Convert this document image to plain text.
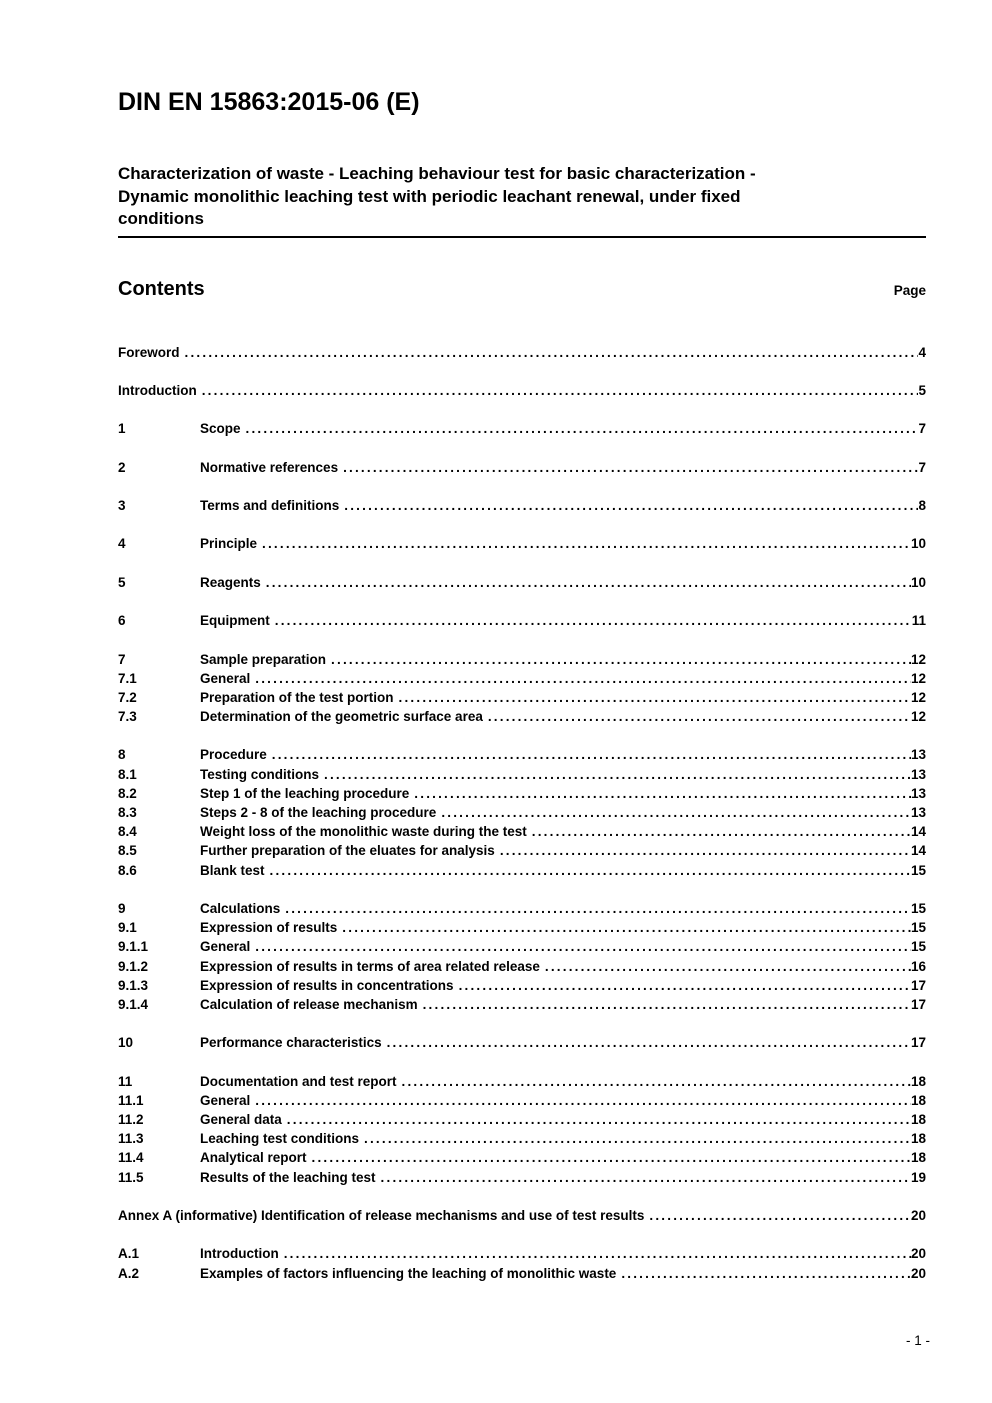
DIN EN 15863:2015-06 (E)
Characterization of waste - Leaching behaviour test for basic characterization -
Dynamic monolithic leaching test with periodic leachant renewal, under fixed
conditions
Contents	Page
Foreword .....	4
Introduction .....	5
1	Scope .....	7
2	Normative references .....	7
3	Terms and definitions .....	8
4	Principle .....	10
5	Reagents .....	10
6	Equipment .....	11
7	Sample preparation .....	12
7.1	General .....	12
7.2	Preparation of the test portion .....	12
7.3	Determination of the geometric surface area .....	12
8	Procedure .....	13
8.1	Testing conditions .....	13
8.2	Step 1 of the leaching procedure .....	13
8.3	Steps 2 - 8 of the leaching procedure .....	13
8.4	Weight loss of the monolithic waste during the test .....	14
8.5	Further preparation of the eluates for analysis .....	14
8.6	Blank test .....	15
9	Calculations .....	15
9.1	Expression of results .....	15
9.1.1	General .....	15
9.1.2	Expression of results in terms of area related release .....	16
9.1.3	Expression of results in concentrations .....	17
9.1.4	Calculation of release mechanism .....	17
10	Performance characteristics .....	17
11	Documentation and test report .....	18
11.1	General .....	18
11.2	General data .....	18
11.3	Leaching test conditions .....	18
11.4	Analytical report .....	18
11.5	Results of the leaching test .....	19
Annex A (informative) Identification of release mechanisms and use of test results .....	20
A.1	Introduction .....	20
A.2	Examples of factors influencing the leaching of monolithic waste .....	20
- 1 -
